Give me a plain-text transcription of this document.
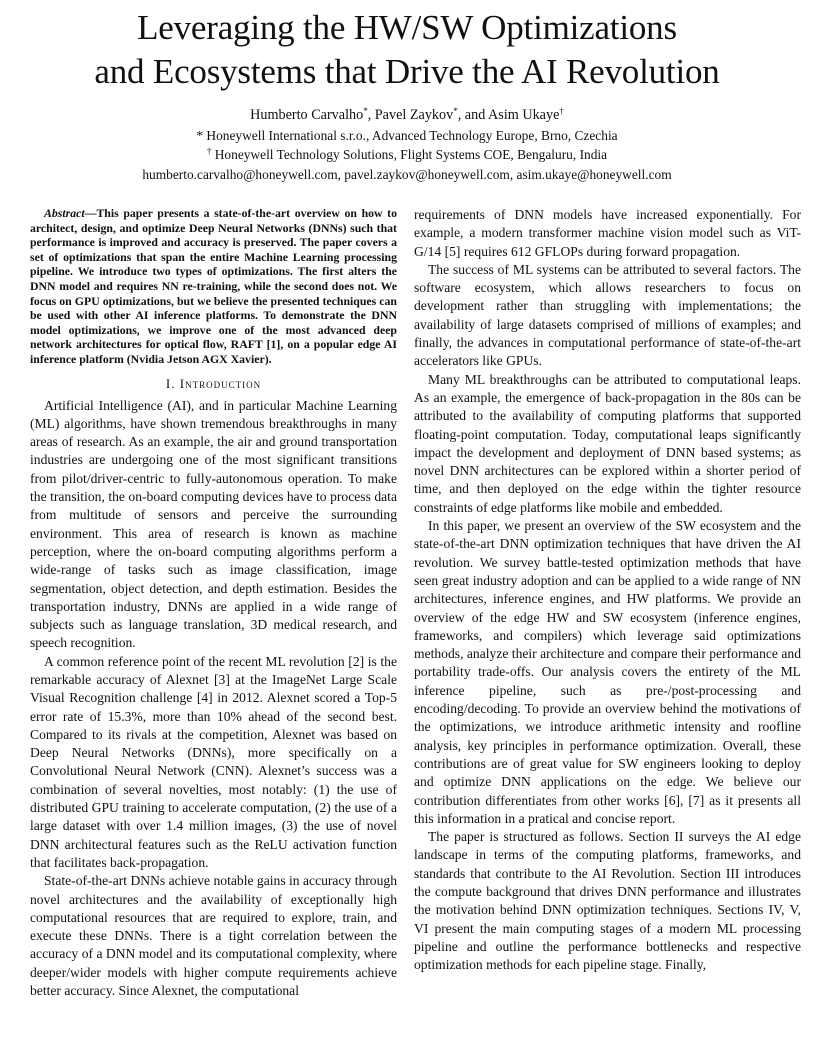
Leveraging the HW/SW Optimizations
and Ecosystems that Drive the AI Revolution
Humberto Carvalho*, Pavel Zaykov*, and Asim Ukaye†
* Honeywell International s.r.o., Advanced Technology Europe, Brno, Czechia
† Honeywell Technology Solutions, Flight Systems COE, Bengaluru, India
humberto.carvalho@honeywell.com, pavel.zaykov@honeywell.com, asim.ukaye@honeywell.com

Abstract—This paper presents a state-of-the-art overview on how to architect, design, and optimize Deep Neural Networks (DNNs) such that performance is improved and accuracy is preserved. The paper covers a set of optimizations that span the entire Machine Learning processing pipeline. We introduce two types of optimizations. The first alters the DNN model and requires NN re-training, while the second does not. We focus on GPU optimizations, but we believe the presented techniques can be used with other AI inference platforms. To demonstrate the DNN model optimizations, we improve one of the most advanced deep network architectures for optical flow, RAFT [1], on a popular edge AI inference platform (Nvidia Jetson AGX Xavier).

I. Introduction

Artificial Intelligence (AI), and in particular Machine Learning (ML) algorithms, have shown tremendous breakthroughs in many areas of research. As an example, the air and ground transportation industries are undergoing one of the most significant transitions from pilot/driver-centric to fully-autonomous operation. To make the transition, the on-board computing devices have to process data from multitude of sensors and perceive the surrounding environment. This area of research is known as machine perception, where the on-board computing algorithms perform a wide-range of tasks such as image classification, image segmentation, object detection, and depth estimation. Besides the transportation industry, DNNs are applied in a wide range of subjects such as language translation, 3D medical research, and speech recognition.

A common reference point of the recent ML revolution [2] is the remarkable accuracy of Alexnet [3] at the ImageNet Large Scale Visual Recognition challenge [4] in 2012. Alexnet scored a Top-5 error rate of 15.3%, more than 10% ahead of the second best. Compared to its rivals at the competition, Alexnet was based on Deep Neural Networks (DNNs), more specifically on a Convolutional Neural Network (CNN). Alexnet’s success was a combination of several novelties, most notably: (1) the use of distributed GPU training to accelerate computation, (2) the use of a large dataset with over 1.4 million images, (3) the use of novel DNN architectural features such as the ReLU activation function that facilitates back-propagation.

State-of-the-art DNNs achieve notable gains in accuracy through novel architectures and the availability of exceptionally high computational resources that are required to explore, train, and execute these DNNs. There is a tight correlation between the accuracy of a DNN model and its computational complexity, where deeper/wider models with higher compute requirements achieve better accuracy. Since Alexnet, the computational

requirements of DNN models have increased exponentially. For example, a modern transformer machine vision model such as ViT-G/14 [5] requires 612 GFLOPs during forward propagation.

The success of ML systems can be attributed to several factors. The software ecosystem, which allows researchers to focus on development rather than struggling with implementations; the availability of large datasets comprised of millions of examples; and finally, the advances in computational performance of state-of-the-art accelerators like GPUs.

Many ML breakthroughs can be attributed to computational leaps. As an example, the emergence of back-propagation in the 80s can be attributed to the availability of computing platforms that supported floating-point computation. Today, computational leaps significantly impact the development and deployment of DNN based systems; as novel DNN architectures can be explored within a shorter period of time, and then deployed on the edge within the tighter resource constraints of edge platforms like mobile and embedded.

In this paper, we present an overview of the SW ecosystem and the state-of-the-art DNN optimization techniques that have driven the AI revolution. We survey battle-tested optimization methods that have seen great industry adoption and can be applied to a wide range of NN architectures, inference engines, and HW platforms. We provide an overview of the edge HW and SW ecosystem (inference engines, frameworks, and compilers) which leverage said optimizations methods, analyze their architecture and compare their performance and portability trade-offs. Our analysis covers the entirety of the ML inference pipeline, such as pre-/post-processing and encoding/decoding. To provide an overview behind the motivations of the optimizations, we introduce arithmetic intensity and roofline analysis, key principles in performance optimization. Overall, these contributions are of great value for SW engineers looking to deploy and optimize DNN applications on the edge. We believe our contribution differentiates from other works [6], [7] as it presents all this information in a pratical and concise report.

The paper is structured as follows. Section II surveys the AI edge landscape in terms of the computing platforms, frameworks, and standards that contribute to the AI Revolution. Section III introduces the compute background that drives DNN performance and illustrates the motivation behind DNN optimization techniques. Sections IV, V, VI present the main computing stages of a modern ML processing pipeline and outline the performance bottlenecks and respective optimization methods for each pipeline stage. Finally,
